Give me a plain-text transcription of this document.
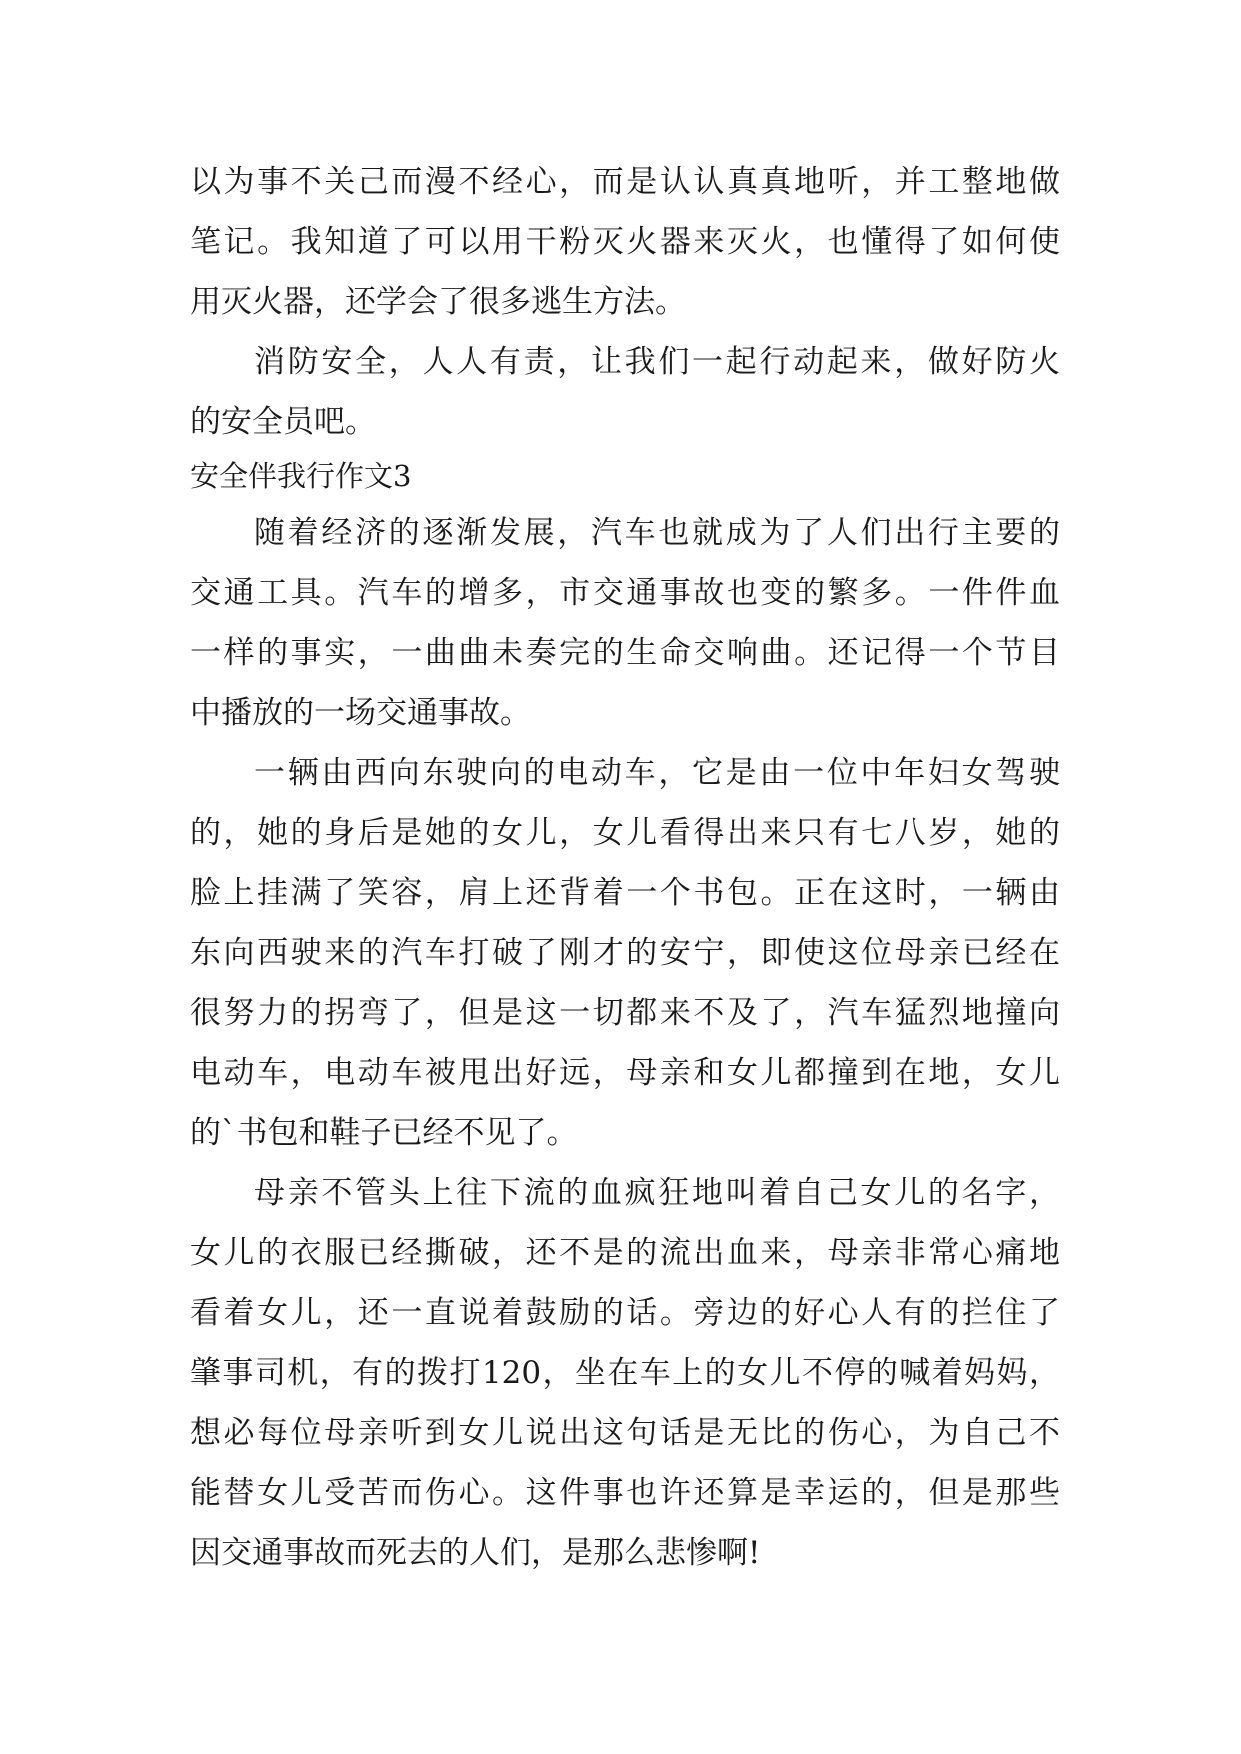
以为事不关己而漫不经心，而是认认真真地听，并工整地做
笔记。我知道了可以用干粉灭火器来灭火，也懂得了如何使
用灭火器，还学会了很多逃生方法。
消防安全，人人有责，让我们一起行动起来，做好防火
的安全员吧。
安全伴我行作文3
随着经济的逐渐发展，汽车也就成为了人们出行主要的
交通工具。汽车的增多，市交通事故也变的繁多。一件件血
一样的事实，一曲曲未奏完的生命交响曲。还记得一个节目
中播放的一场交通事故。
一辆由西向东驶向的电动车，它是由一位中年妇女驾驶
的，她的身后是她的女儿，女儿看得出来只有七八岁，她的
脸上挂满了笑容，肩上还背着一个书包。正在这时，一辆由
东向西驶来的汽车打破了刚才的安宁，即使这位母亲已经在
很努力的拐弯了，但是这一切都来不及了，汽车猛烈地撞向
电动车，电动车被甩出好远，母亲和女儿都撞到在地，女儿
的`书包和鞋子已经不见了。
母亲不管头上往下流的血疯狂地叫着自己女儿的名字，
女儿的衣服已经撕破，还不是的流出血来，母亲非常心痛地
看着女儿，还一直说着鼓励的话。旁边的好心人有的拦住了
肇事司机，有的拨打120，坐在车上的女儿不停的喊着妈妈，
想必每位母亲听到女儿说出这句话是无比的伤心，为自己不
能替女儿受苦而伤心。这件事也许还算是幸运的，但是那些
因交通事故而死去的人们，是那么悲惨啊!
